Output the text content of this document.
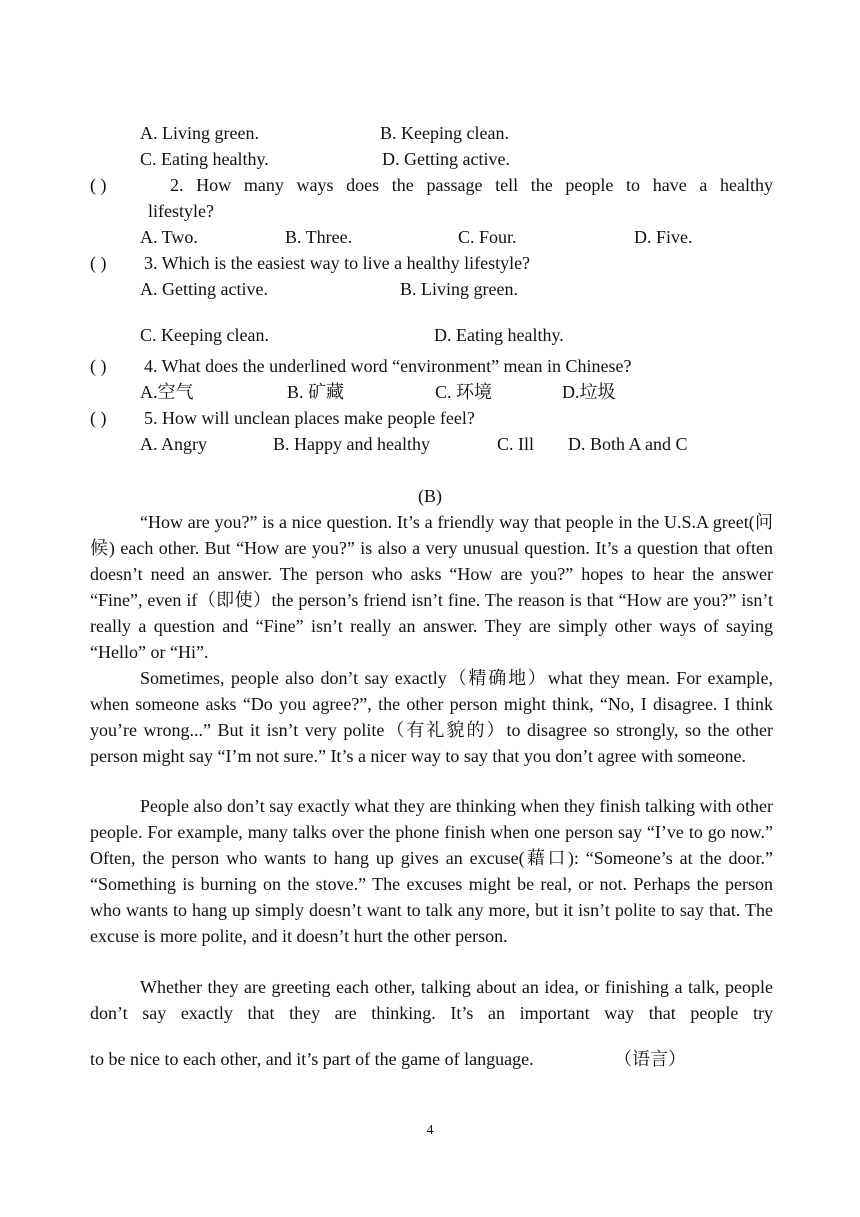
A. Living green.	B. Keeping clean.
C. Eating healthy.	D. Getting active.
( )	2. How many ways does the passage tell the people to have a healthy
lifestyle?
A. Two.	B. Three.	C. Four.	D. Five.
( ) 3. Which is the easiest way to live a healthy lifestyle?
A. Getting active.	B. Living green.
C. Keeping clean.	D. Eating healthy.
( ) 4. What does the underlined word “environment” mean in Chinese?
A.空气	B. 矿藏	C. 环境	D.垃圾
( ) 5. How will unclean places make people feel?
A. Angry	B. Happy and healthy	C. Ill D. Both A and C
(B)
“How are you?” is a nice question. It’s a friendly way that people in the U.S.A greet(问候) each other. But “How are you?” is also a very unusual question. It’s a question that often doesn’t need an answer. The person who asks “How are you?” hopes to hear the answer “Fine”, even if（即使）the person’s friend isn’t fine. The reason is that “How are you?” isn’t really a question and “Fine” isn’t really an answer. They are simply other ways of saying “Hello” or “Hi”.
Sometimes, people also don’t say exactly（精确地）what they mean. For example, when someone asks “Do you agree?”, the other person might think, “No, I disagree. I think you’re wrong...” But it isn’t very polite（有礼貌的）to disagree so strongly, so the other person might say “I’m not sure.” It’s a nicer way to say that you don’t agree with someone.
People also don’t say exactly what they are thinking when they finish talking with other people. For example, many talks over the phone finish when one person say “I’ve to go now.” Often, the person who wants to hang up gives an excuse(藉口): “Someone’s at the door.” “Something is burning on the stove.” The excuses might be real, or not. Perhaps the person who wants to hang up simply doesn’t want to talk any more, but it isn’t polite to say that. The excuse is more polite, and it doesn’t hurt the other person.
Whether they are greeting each other, talking about an idea, or finishing a talk, people don’t say exactly that they are thinking. It’s an important way that people try
to be nice to each other, and it’s part of the game of language.	（语言）
4
